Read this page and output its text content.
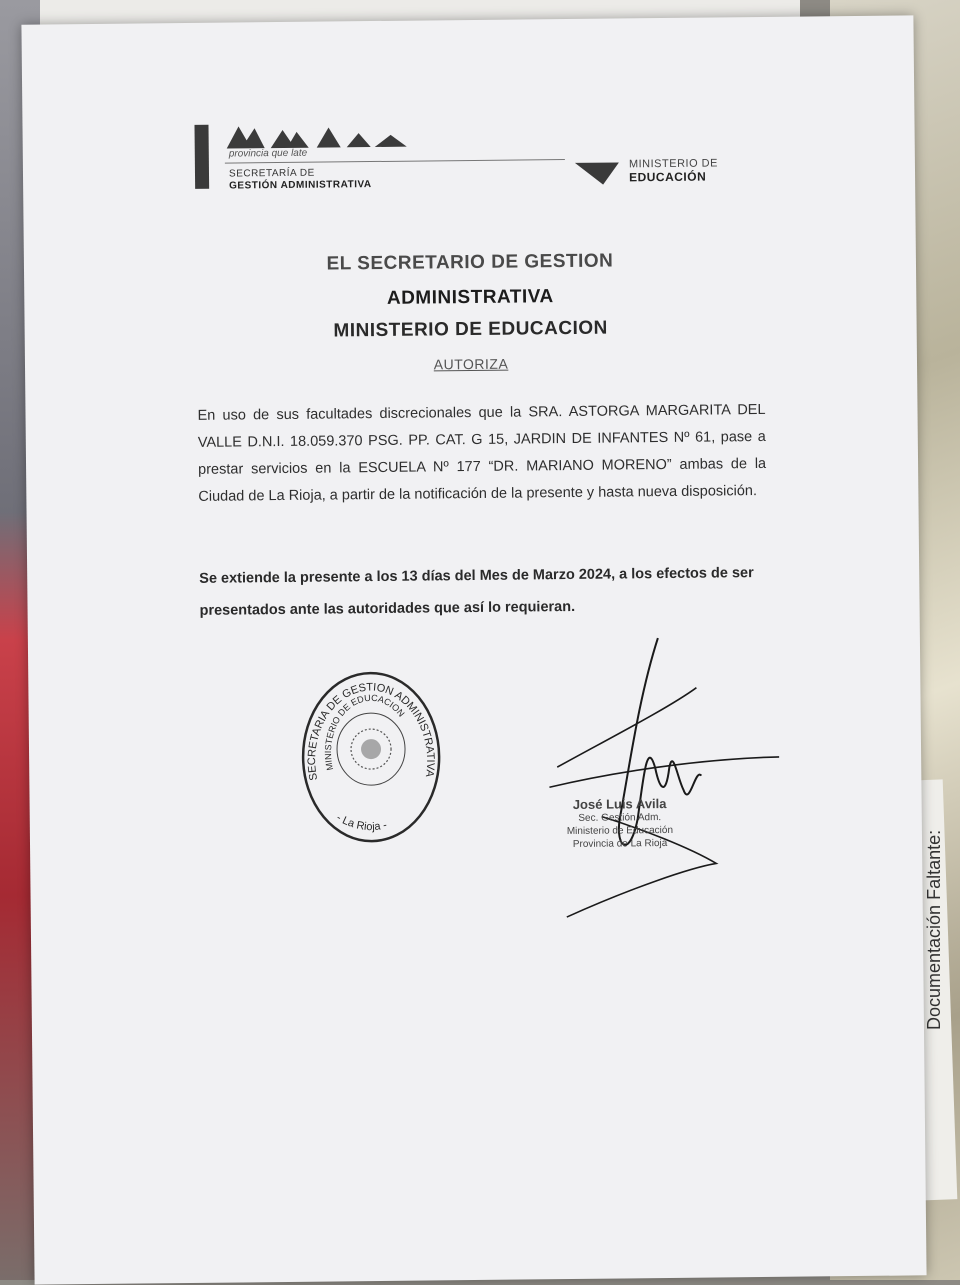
Documentación Faltante:
provincia que late
SECRETARÍA DE
GESTIÓN ADMINISTRATIVA
MINISTERIO DE
EDUCACIÓN
EL SECRETARIO DE GESTION
ADMINISTRATIVA
MINISTERIO DE EDUCACION
AUTORIZA
En uso de sus facultades discrecionales que la SRA. ASTORGA MARGARITA DEL VALLE D.N.I. 18.059.370 PSG. PP. CAT. G 15, JARDIN DE INFANTES Nº 61, pase a prestar servicios en la ESCUELA Nº 177 “DR. MARIANO MORENO” ambas de la Ciudad de La Rioja, a partir de la notificación de la presente y hasta nueva disposición.
Se extiende la presente a los 13 días del Mes de Marzo 2024, a los efectos de ser presentados ante las autoridades que así lo requieran.
SECRETARIA DE GESTION ADMINISTRATIVA
MINISTERIO DE EDUCACION
- La Rioja -
José Luis Avila
Sec. Gestión Adm.
Ministerio de Educación
Provincia de La Rioja
